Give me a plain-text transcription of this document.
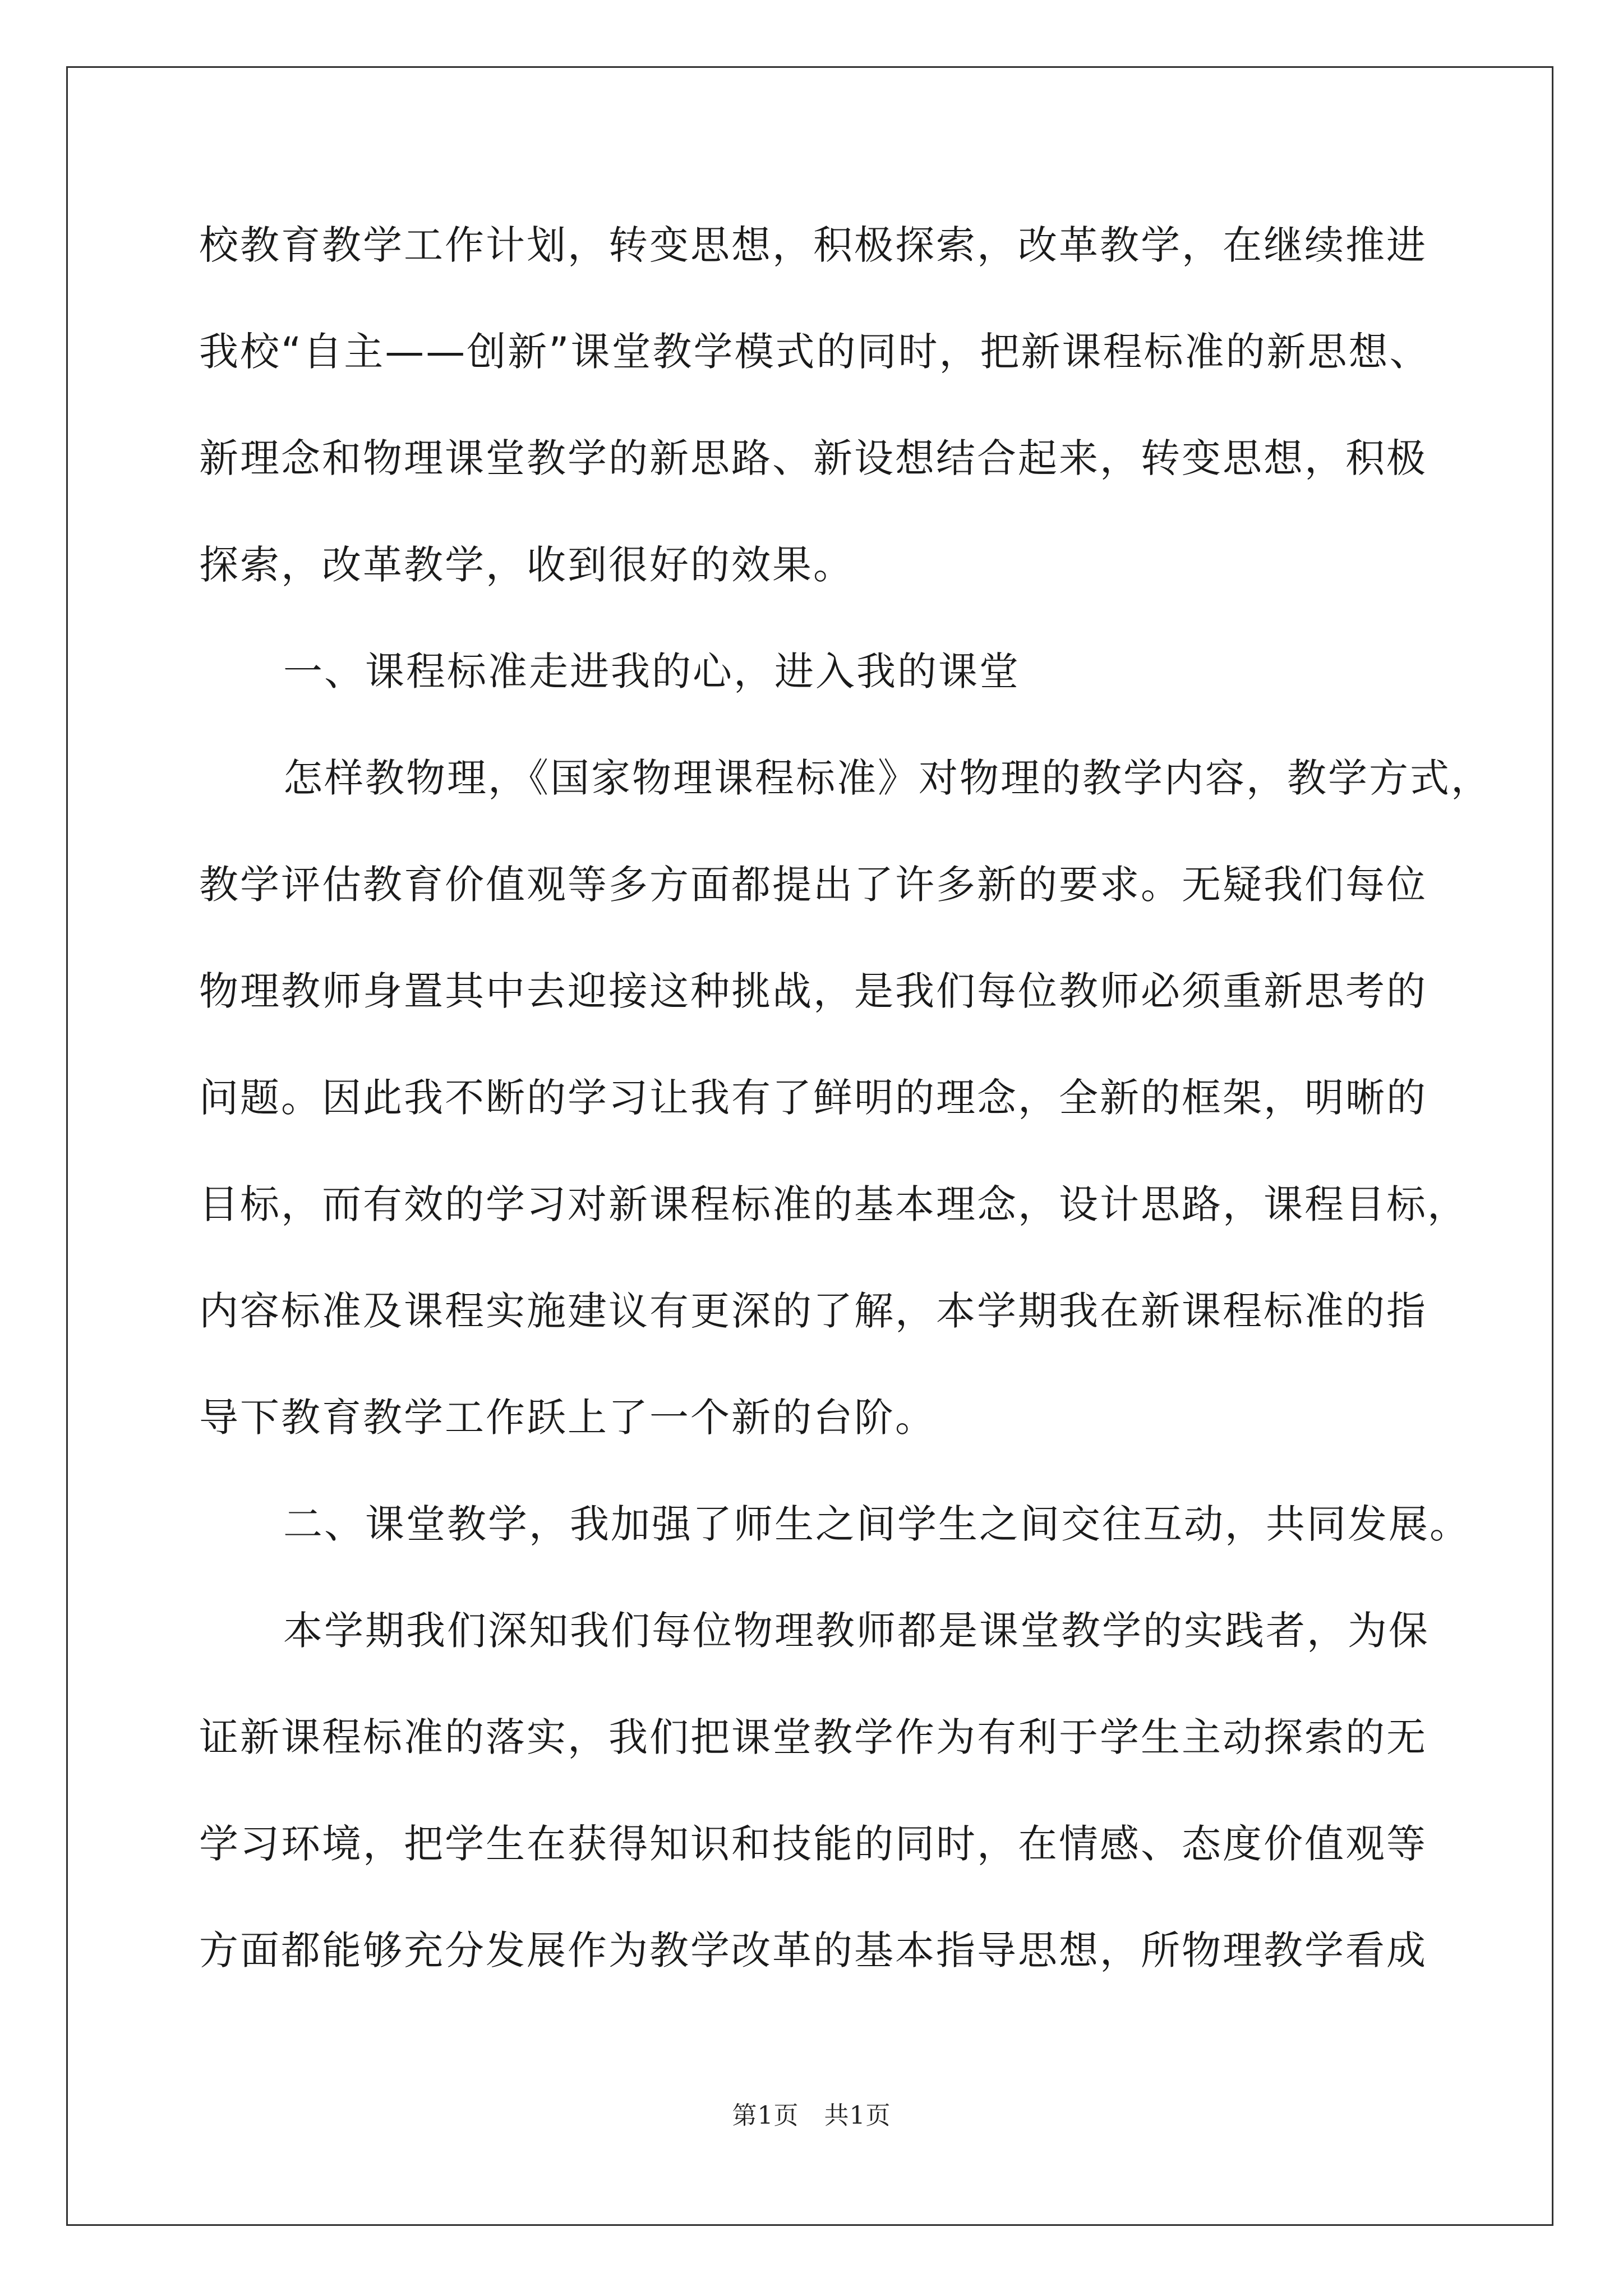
校教育教学工作计划，转变思想，积极探索，改革教学，在继续推进
我校“自主——创新”课堂教学模式的同时，把新课程标准的新思想、
新理念和物理课堂教学的新思路、新设想结合起来，转变思想，积极
探索，改革教学，收到很好的效果。
一、课程标准走进我的心，进入我的课堂
怎样教物理，《国家物理课程标准》对物理的教学内容，教学方式，
教学评估教育价值观等多方面都提出了许多新的要求。无疑我们每位
物理教师身置其中去迎接这种挑战，是我们每位教师必须重新思考的
问题。因此我不断的学习让我有了鲜明的理念，全新的框架，明晰的
目标，而有效的学习对新课程标准的基本理念，设计思路，课程目标，
内容标准及课程实施建议有更深的了解，本学期我在新课程标准的指
导下教育教学工作跃上了一个新的台阶。
二、课堂教学，我加强了师生之间学生之间交往互动，共同发展。
本学期我们深知我们每位物理教师都是课堂教学的实践者，为保
证新课程标准的落实，我们把课堂教学作为有利于学生主动探索的无
学习环境，把学生在获得知识和技能的同时，在情感、态度价值观等
方面都能够充分发展作为教学改革的基本指导思想，所物理教学看成
第1页　共1页
